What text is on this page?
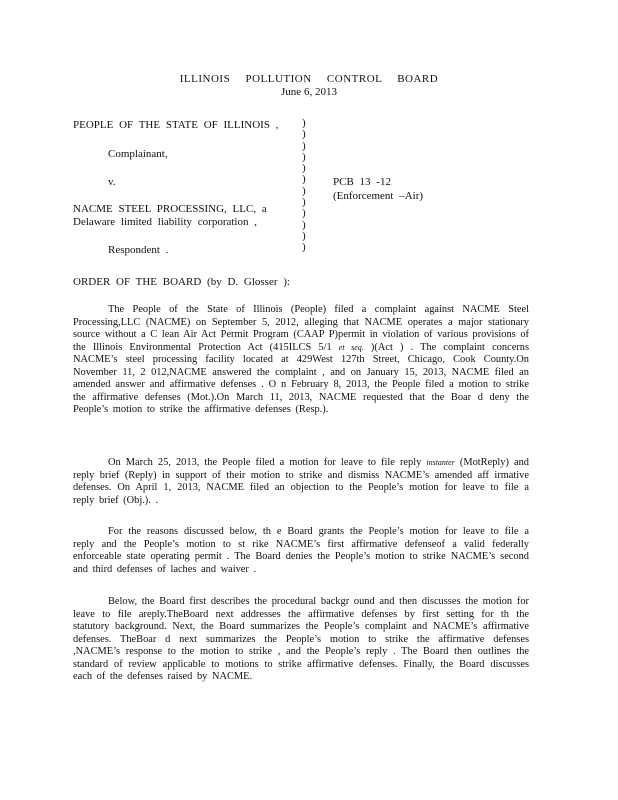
ILLINOIS POLLUTION CONTROL BOARD
June 6, 2013
PEOPLE OF THE STATE OF ILLINOIS ,
Complainant,
v.
NACME STEEL PROCESSING, LLC, a
Delaware limited liability corporation ,
Respondent .
)
)
)
)
)
)
)
)
)
)
)
)
PCB 13 -12
(Enforcement –Air)
ORDER OF THE BOARD (by D. Glosser ):

The People of the State of Illinois (People) filed a complaint against NACME Steel Processing,LLC (NACME) on September 5, 2012, alleging that NACME operates a major stationary source without a C lean Air Act Permit Program (CAAP P)permit in violation of various provisions of the Illinois Environmental Protection Act (415ILCS 5/1 et seq. )(Act ) . The complaint concerns NACME’s steel processing facility located at 429West 127th Street, Chicago, Cook County.On November 11, 2 012,NACME answered the complaint , and on January 15, 2013, NACME filed an amended answer and affirmative defenses . O n February 8, 2013, the People filed a motion to strike the affirmative defenses (Mot.).On March 11, 2013, NACME requested that the Boar d deny the People’s motion to strike the affirmative defenses (Resp.).

On March 25, 2013, the People filed a motion for leave to file reply instanter (MotReply) and reply brief (Reply) in support of their motion to strike and dismiss NACME’s amended aff irmative defenses. On April 1, 2013, NACME filed an objection to the People’s motion for leave to file a reply brief (Obj.). .

For the reasons discussed below, th e Board grants the People’s motion for leave to file a reply and the People’s motion to st rike NACME’s first affirmative defenseof a valid federally enforceable state operating permit . The Board denies the People’s motion to strike NACME’s second and third defenses of laches and waiver .

Below, the Board first describes the procedural backgr ound and then discusses the motion for leave to file areply.TheBoard next addresses the affirmative defenses by first setting for th the statutory background. Next, the Board summarizes the People’s complaint and NACME’s affirmative defenses. TheBoar d next summarizes the People’s motion to strike the affirmative defenses ,NACME’s response to the motion to strike , and the People’s reply . The Board then outlines the standard of review applicable to motions to strike affirmative defenses. Finally, the Board discusses each of the defenses raised by NACME.
